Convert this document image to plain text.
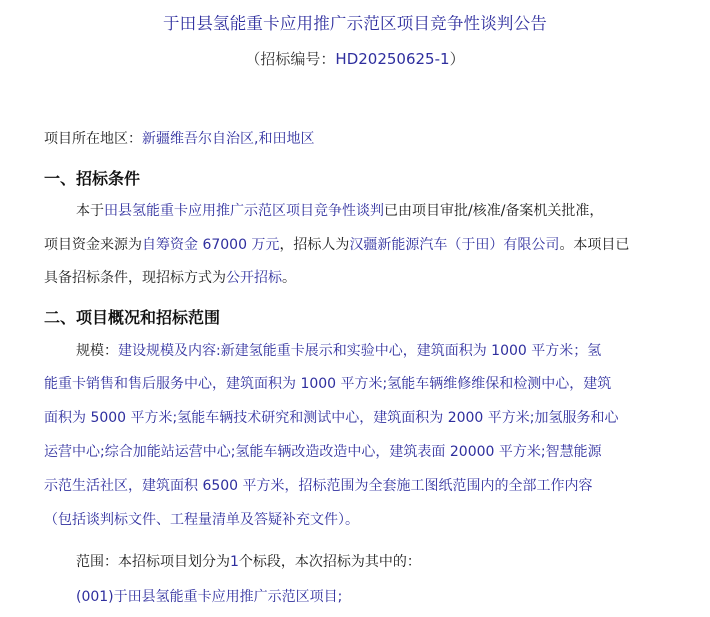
于田县氢能重卡应用推广示范区项目竞争性谈判公告
（招标编号：HD20250625-1）
项目所在地区：新疆维吾尔自治区,和田地区
一、招标条件
本于田县氢能重卡应用推广示范区项目竞争性谈判已由项目审批/核准/备案机关批准，
项目资金来源为自筹资金 67000 万元，招标人为汉疆新能源汽车（于田）有限公司。本项目已
具备招标条件，现招标方式为公开招标。
二、项目概况和招标范围
规模：建设规模及内容:新建氢能重卡展示和实验中心，建筑面积为 1000 平方米；氢
能重卡销售和售后服务中心，建筑面积为 1000 平方米;氢能车辆维修维保和检测中心，建筑
面积为 5000 平方米;氢能车辆技术研究和测试中心，建筑面积为 2000 平方米;加氢服务和心
运营中心;综合加能站运营中心;氢能车辆改造改造中心，建筑表面 20000 平方米;智慧能源
示范生活社区，建筑面积 6500 平方米，招标范围为全套施工图纸范围内的全部工作内容
（包括谈判标文件、工程量清单及答疑补充文件）。
范围：本招标项目划分为1个标段，本次招标为其中的：
(001)于田县氢能重卡应用推广示范区项目;
